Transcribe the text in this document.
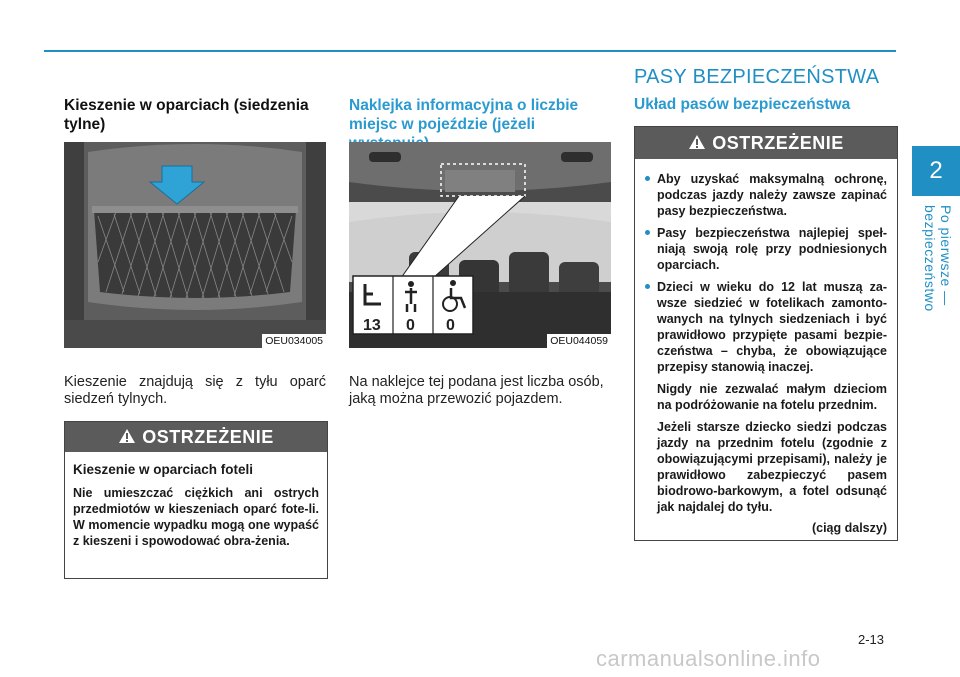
2
Po pierwsze — bezpieczeństwo
Kieszenie w oparciach (siedzenia tylne)
OEU034005
Kieszenie znajdują się z tyłu oparć siedzeń tylnych.
OSTRZEŻENIE
Kieszenie w oparciach foteli
Nie umieszczać ciężkich ani ostrych przedmiotów w kieszeniach oparć fote-li. W momencie wypadku mogą one wypaść z kieszeni i spowodować obra-żenia.
Naklejka informacyjna o liczbie miejsc w pojeździe (jeżeli
13 0 0
OEU044059
Na naklejce tej podana jest liczba osób, jaką można przewozić pojazdem.
PASY BEZPIECZEŃSTWA
Układ pasów bezpieczeństwa
OSTRZEŻENIE
Aby uzyskać maksymalną ochronę, podczas jazdy należy zawsze zapinać pasy bezpieczeństwa.
Pasy bezpieczeństwa najlepiej speł-niają swoją rolę przy podniesionych oparciach.
Dzieci w wieku do 12 lat muszą za-wsze siedzieć w fotelikach zamonto-wanych na tylnych siedzeniach i być prawidłowo przypięte pasami bezpie-czeństwa – chyba, że obowiązujące przepisy stanowią inaczej.
Nigdy nie zezwalać małym dzieciom na podróżowanie na fotelu przednim.
Jeżeli starsze dziecko siedzi podczas jazdy na przednim fotelu (zgodnie z obowiązującymi przepisami), należy je prawidłowo zabezpieczyć pasem biodrowo-barkowym, a fotel odsunąć jak najdalej do tyłu.
(ciąg dalszy)
2-13
carmanualsonline.info
